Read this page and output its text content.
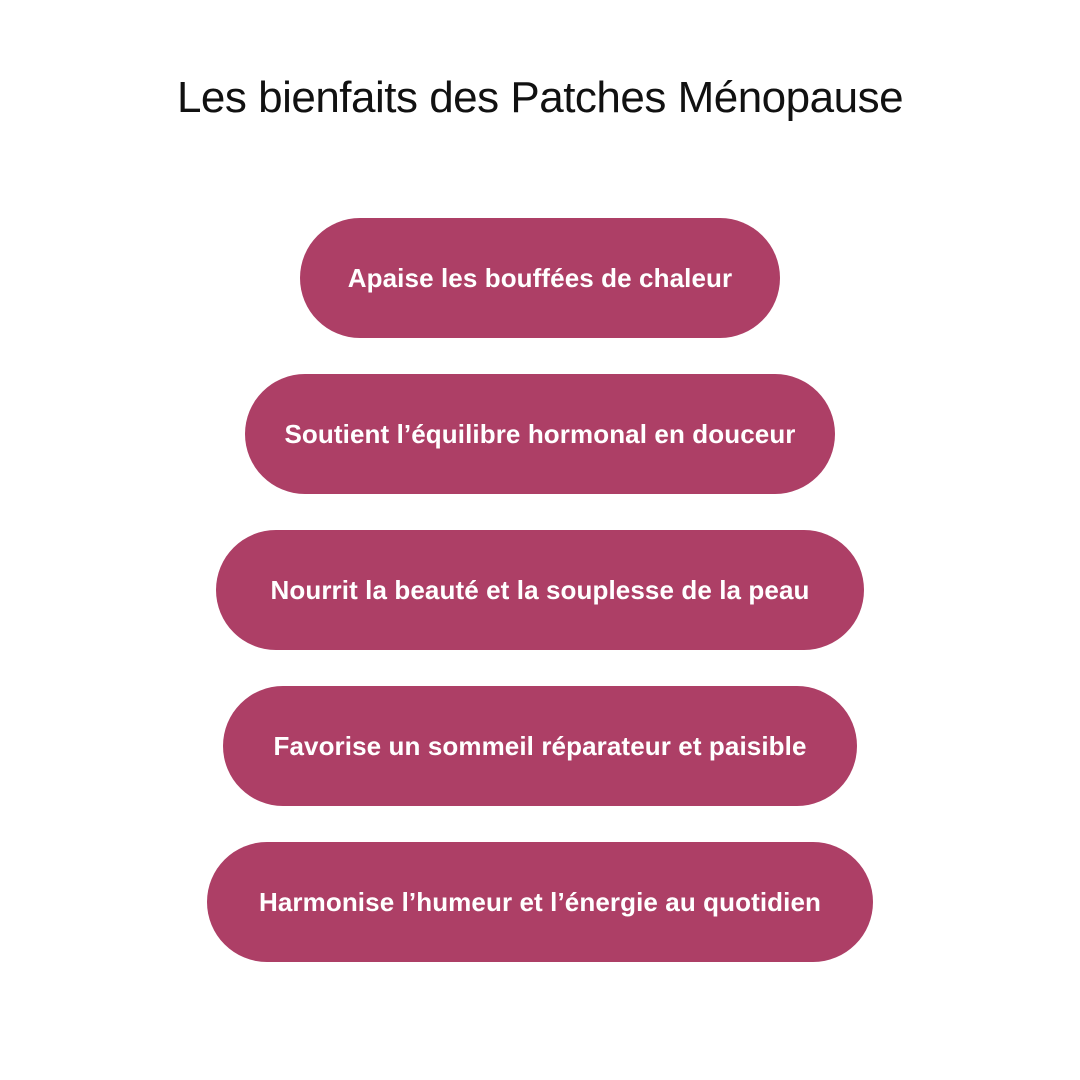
Les bienfaits des Patches Ménopause
Apaise les bouffées de chaleur
Soutient l’équilibre hormonal en douceur
Nourrit la beauté et la souplesse de la peau
Favorise un sommeil réparateur et paisible
Harmonise l’humeur et l’énergie au quotidien
